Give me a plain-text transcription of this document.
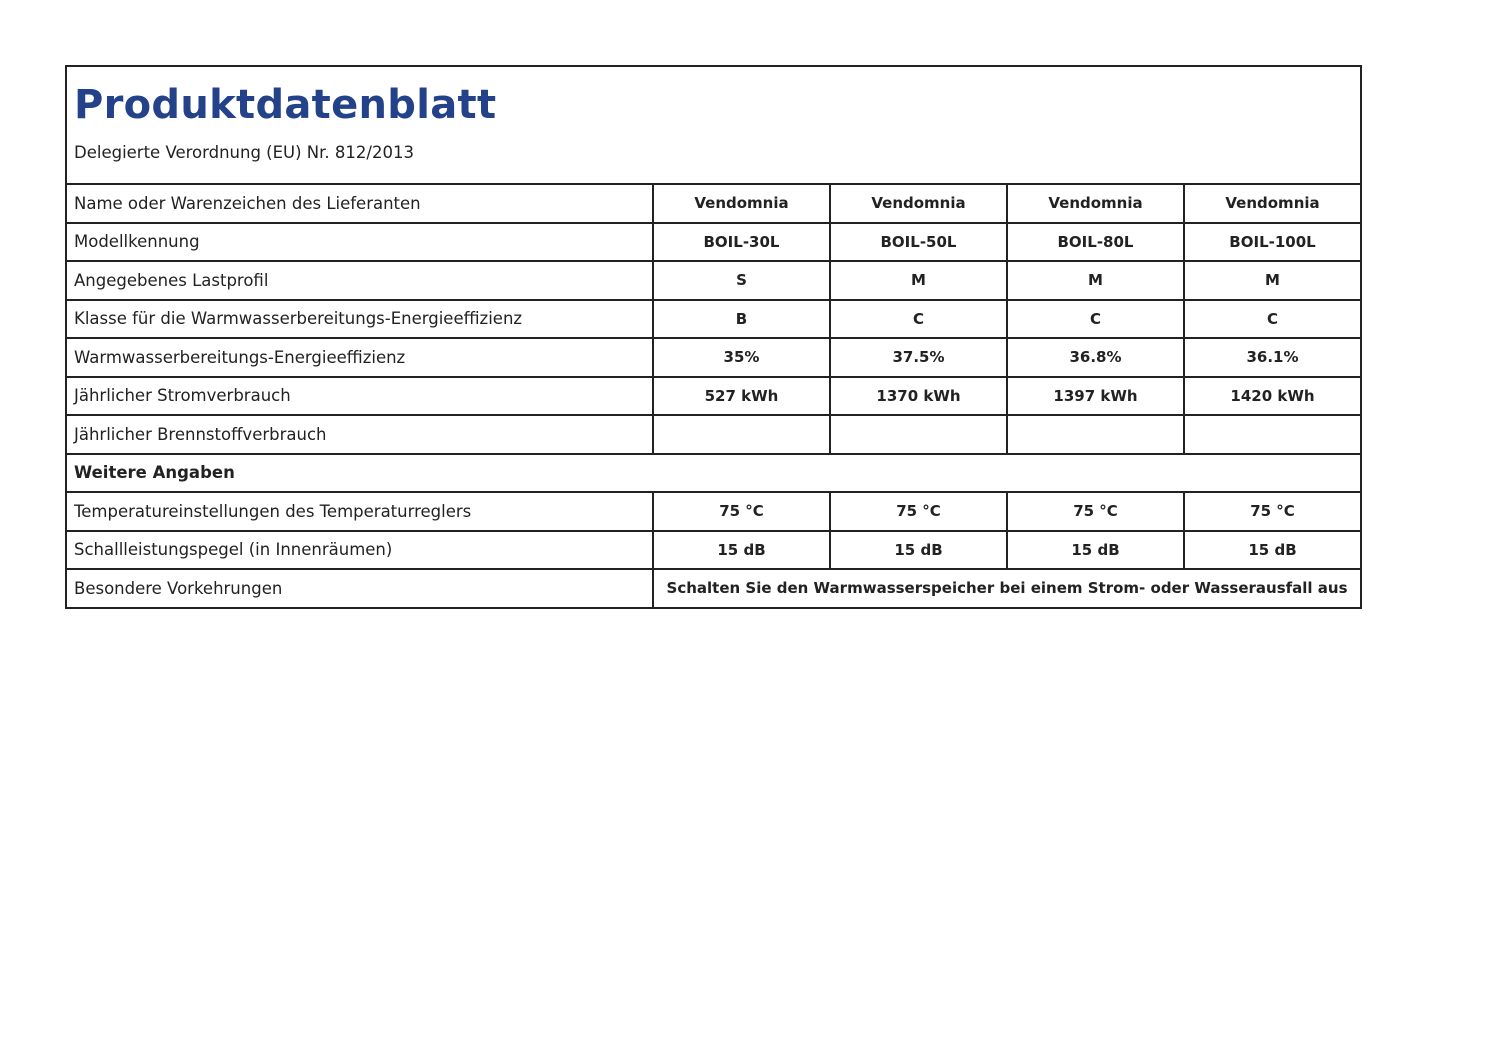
Produktdatenblatt
Delegierte Verordnung (EU) Nr. 812/2013				

Name oder Warenzeichen des Lieferanten	Vendomnia	Vendomnia	Vendomnia	Vendomnia
Modellkennung	BOIL-30L	BOIL-50L	BOIL-80L	BOIL-100L
Angegebenes Lastprofil	S	M	M	M
Klasse für die Warmwasserbereitungs-Energieeffizienz	B	C	C	C
Warmwasserbereitungs-Energieeffizienz	35%	37.5%	36.8%	36.1%
Jährlicher Stromverbrauch	527 kWh	1370 kWh	1397 kWh	1420 kWh
Jährlicher Brennstoffverbrauch				
Weitere Angaben				
Temperatureinstellungen des Temperaturreglers	75 °C	75 °C	75 °C	75 °C
Schallleistungspegel (in Innenräumen)	15 dB	15 dB	15 dB	15 dB
Besondere Vorkehrungen	Schalten Sie den Warmwasserspeicher bei einem Strom- oder Wasserausfall aus			
